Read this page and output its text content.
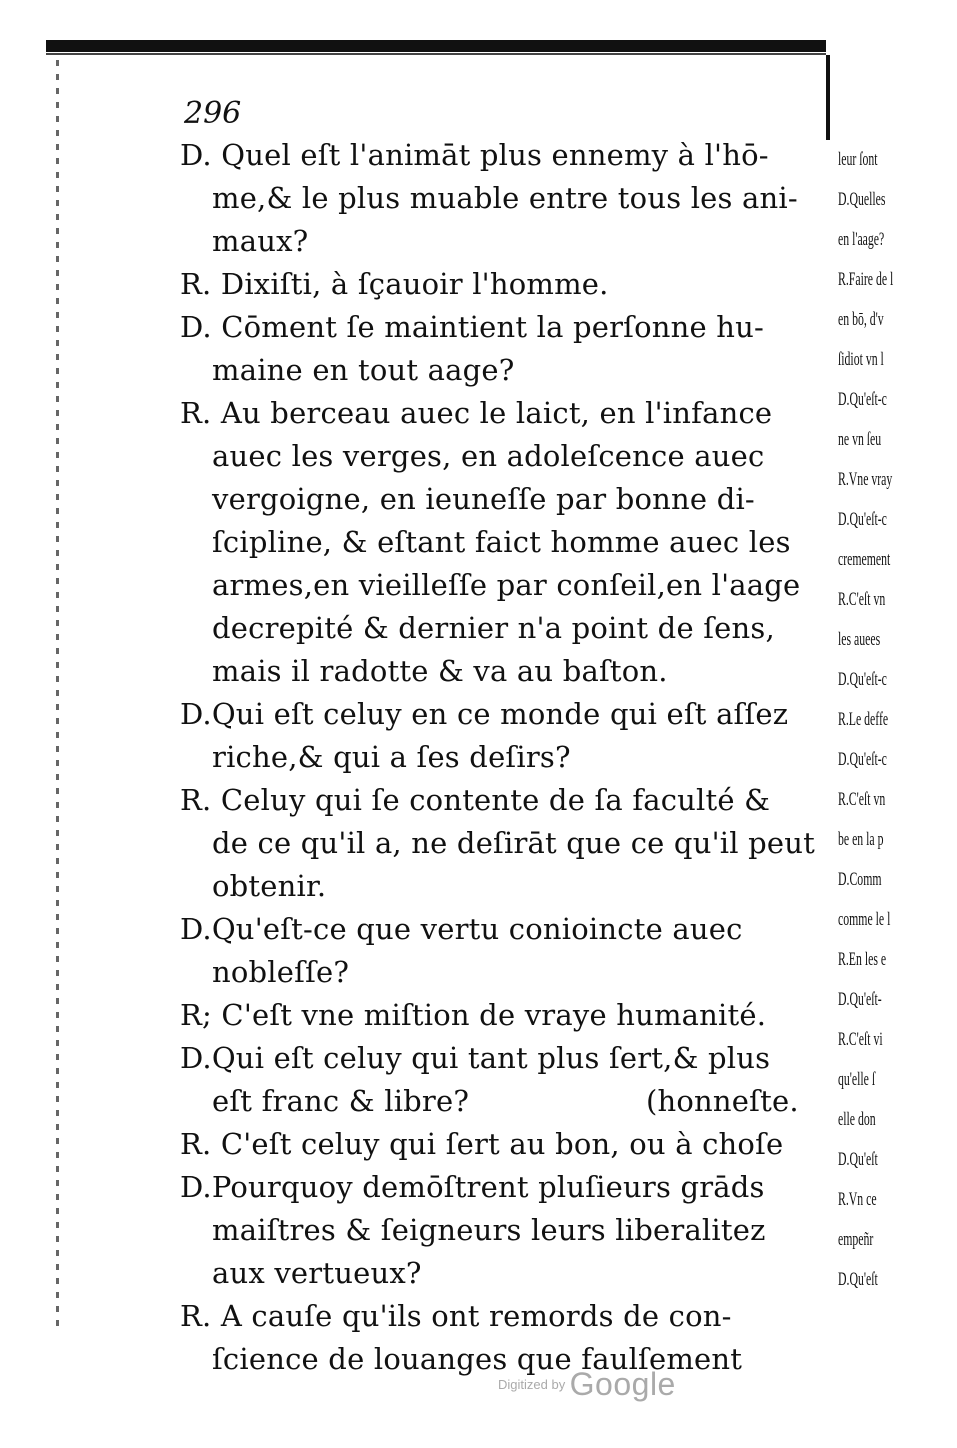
296
D. Quel eſt l'animāt plus ennemy à l'hō-
me,& le plus muable entre tous les ani-
maux?
R. Dixiſti, à ſçauoir l'homme.
D. Cōment ſe maintient la perſonne hu-
maine en tout aage?
R. Au berceau auec le laict, en l'infance
auec les verges, en adoleſcence auec
vergoigne, en ieuneſſe par bonne di-
ſcipline, & eſtant faict homme auec les
armes,en vieilleſſe par conſeil,en l'aage
decrepité & dernier n'a point de ſens,
mais il radotte & va au baſton.
D.Qui eſt celuy en ce monde qui eſt aſſez
riche,& qui a ſes deſirs?
R. Celuy qui ſe contente de ſa faculté &
de ce qu'il a, ne deſirāt que ce qu'il peut
obtenir.
D.Qu'eſt-ce que vertu conioincte auec
nobleſſe?
R; C'eſt vne miſtion de vraye humanité.
D.Qui eſt celuy qui tant plus ſert,& plus
eſt franc & libre?	(honneſte.
R. C'eſt celuy qui ſert au bon, ou à choſe
D.Pourquoy demōſtrent pluſieurs grāds
maiſtres & ſeigneurs leurs liberalitez
aux vertueux?
R. A cauſe qu'ils ont remords de con-
ſcience de louanges que faulſement
leur ſont
D.Quelles
en l'aage?
R.Faire de l
en bō, d'v
ſidiot vn l
D.Qu'eſt-c
ne vn ſeu
R.Vne vray
D.Qu'eſt-c
cremement
R.C'eſt vn
les auees
D.Qu'eſt-c
R.Le deffe
D.Qu'eſt-c
R.C'eſt vn
be en la p
D.Comm
comme le l
R.En les e
D.Qu'eſt-
R.C'eſt vi
qu'elle ſ
elle don
D.Qu'eſt
R.Vn ce
empeñr
D.Qu'eſt
$^{Digitized by}$ Google
